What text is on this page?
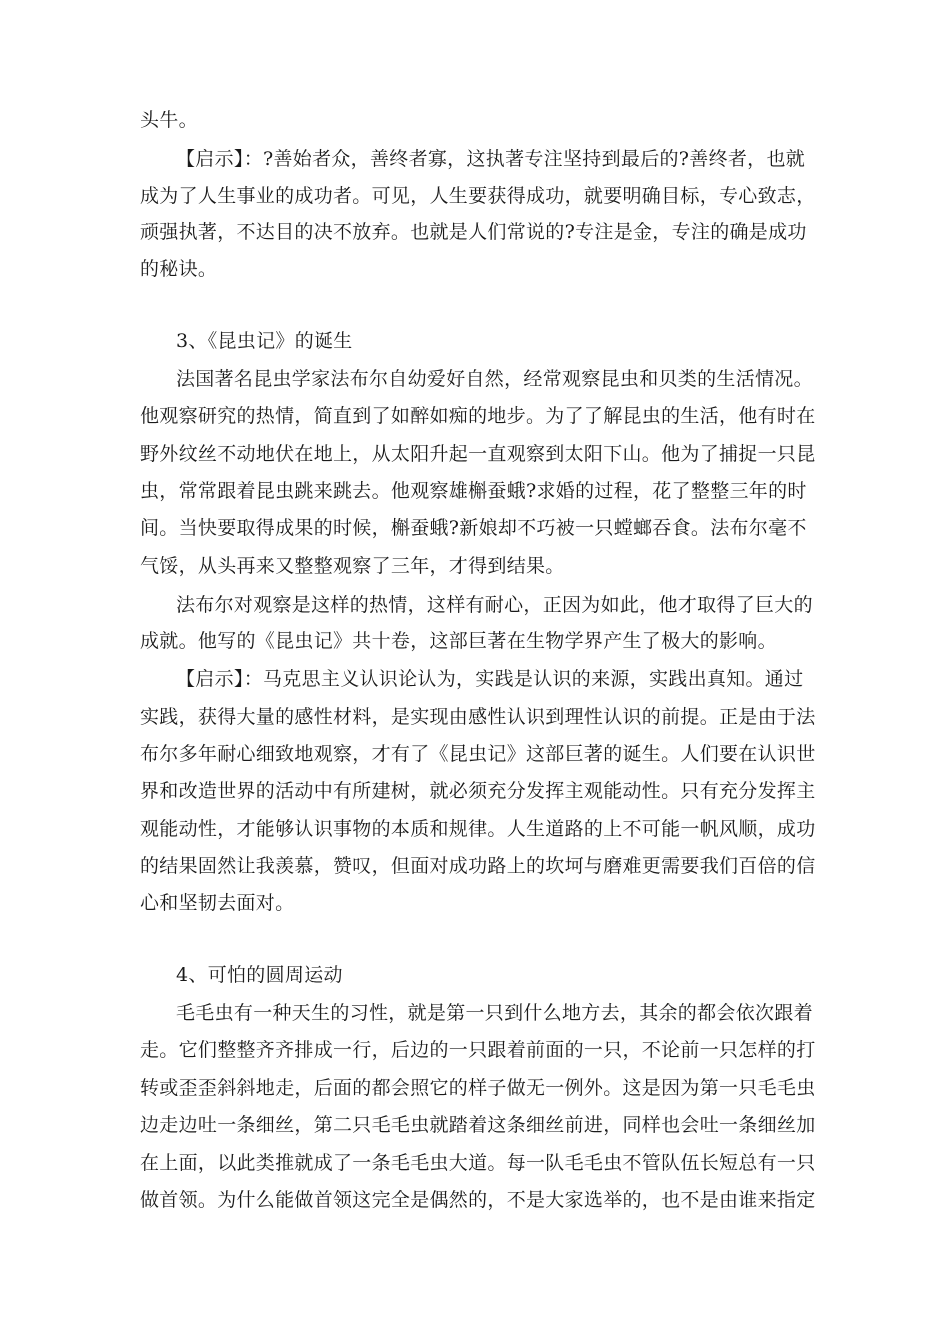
头牛。
【启示】：?善始者众，善终者寡，这执著专注坚持到最后的?善终者，也就
成为了人生事业的成功者。可见，人生要获得成功，就要明确目标，专心致志，
顽强执著，不达目的决不放弃。也就是人们常说的?专注是金，专注的确是成功
的秘诀。
3、《昆虫记》的诞生
法国著名昆虫学家法布尔自幼爱好自然，经常观察昆虫和贝类的生活情况。
他观察研究的热情，简直到了如醉如痴的地步。为了了解昆虫的生活，他有时在
野外纹丝不动地伏在地上，从太阳升起一直观察到太阳下山。他为了捕捉一只昆
虫，常常跟着昆虫跳来跳去。他观察雄槲蚕蛾?求婚的过程，花了整整三年的时
间。当快要取得成果的时候，槲蚕蛾?新娘却不巧被一只螳螂吞食。法布尔毫不
气馁，从头再来又整整观察了三年，才得到结果。
法布尔对观察是这样的热情，这样有耐心，正因为如此，他才取得了巨大的
成就。他写的《昆虫记》共十卷，这部巨著在生物学界产生了极大的影响。
【启示】：马克思主义认识论认为，实践是认识的来源，实践出真知。通过
实践，获得大量的感性材料，是实现由感性认识到理性认识的前提。正是由于法
布尔多年耐心细致地观察，才有了《昆虫记》这部巨著的诞生。人们要在认识世
界和改造世界的活动中有所建树，就必须充分发挥主观能动性。只有充分发挥主
观能动性，才能够认识事物的本质和规律。人生道路的上不可能一帆风顺，成功
的结果固然让我羡慕，赞叹，但面对成功路上的坎坷与磨难更需要我们百倍的信
心和坚韧去面对。
4、可怕的圆周运动
毛毛虫有一种天生的习性，就是第一只到什么地方去，其余的都会依次跟着
走。它们整整齐齐排成一行，后边的一只跟着前面的一只，不论前一只怎样的打
转或歪歪斜斜地走，后面的都会照它的样子做无一例外。这是因为第一只毛毛虫
边走边吐一条细丝，第二只毛毛虫就踏着这条细丝前进，同样也会吐一条细丝加
在上面，以此类推就成了一条毛毛虫大道。每一队毛毛虫不管队伍长短总有一只
做首领。为什么能做首领这完全是偶然的，不是大家选举的，也不是由谁来指定
